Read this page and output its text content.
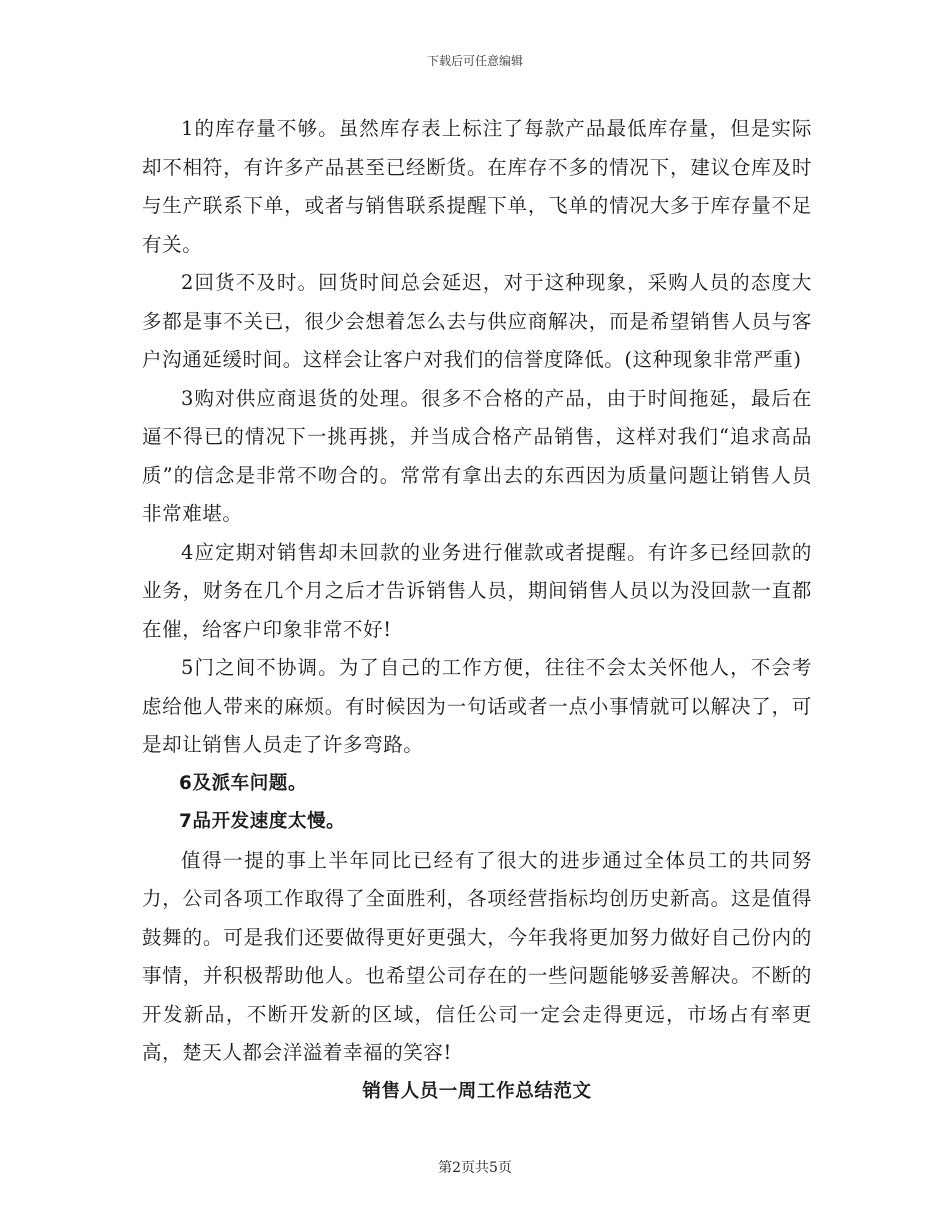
下载后可任意编辑

1的库存量不够。虽然库存表上标注了每款产品最低库存量，但是实际却不相符，有许多产品甚至已经断货。在库存不多的情况下，建议仓库及时与生产联系下单，或者与销售联系提醒下单，飞单的情况大多于库存量不足有关。

2回货不及时。回货时间总会延迟，对于这种现象，采购人员的态度大多都是事不关已，很少会想着怎么去与供应商解决，而是希望销售人员与客户沟通延缓时间。这样会让客户对我们的信誉度降低。(这种现象非常严重)

3购对供应商退货的处理。很多不合格的产品，由于时间拖延，最后在逼不得已的情况下一挑再挑，并当成合格产品销售，这样对我们“追求高品质”的信念是非常不吻合的。常常有拿出去的东西因为质量问题让销售人员非常难堪。

4应定期对销售却未回款的业务进行催款或者提醒。有许多已经回款的业务，财务在几个月之后才告诉销售人员，期间销售人员以为没回款一直都在催，给客户印象非常不好!

5门之间不协调。为了自己的工作方便，往往不会太关怀他人，不会考虑给他人带来的麻烦。有时候因为一句话或者一点小事情就可以解决了，可是却让销售人员走了许多弯路。

6及派车问题。

7品开发速度太慢。

值得一提的事上半年同比已经有了很大的进步通过全体员工的共同努力，公司各项工作取得了全面胜利，各项经营指标均创历史新高。这是值得鼓舞的。可是我们还要做得更好更强大，今年我将更加努力做好自己份内的事情，并积极帮助他人。也希望公司存在的一些问题能够妥善解决。不断的开发新品，不断开发新的区域，信任公司一定会走得更远，市场占有率更高，楚天人都会洋溢着幸福的笑容!

销售人员一周工作总结范文

第2页共5页
